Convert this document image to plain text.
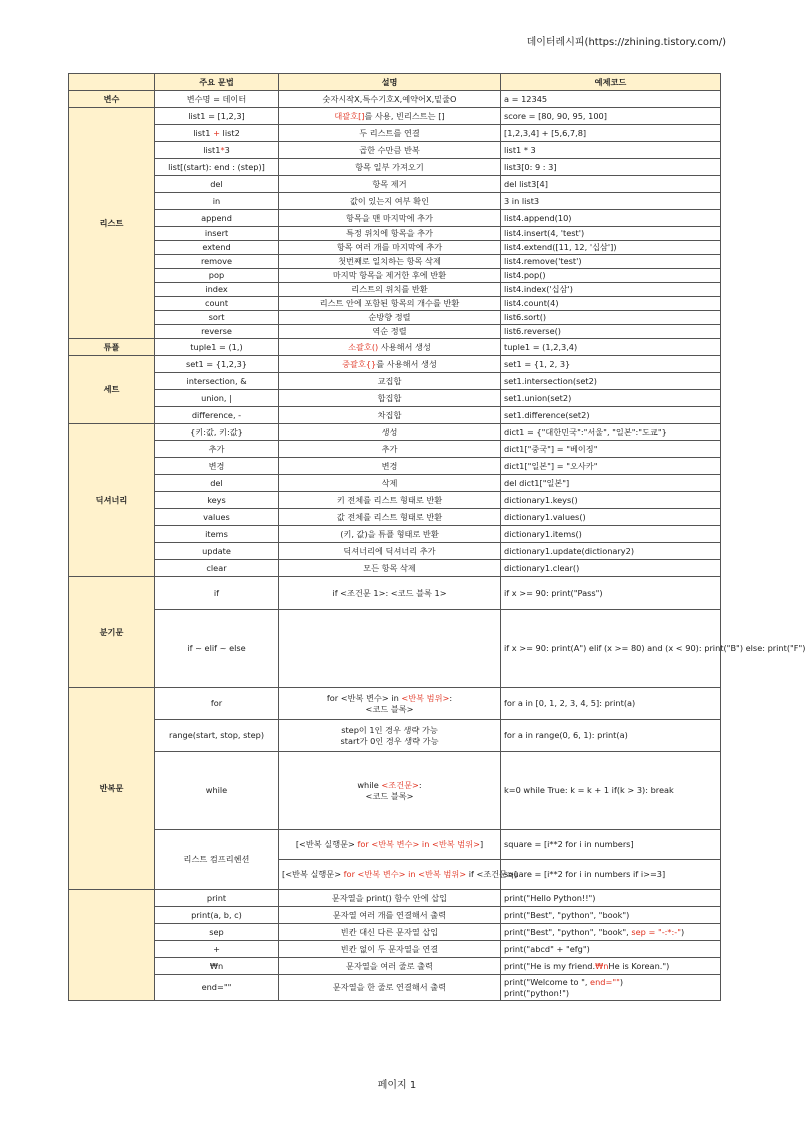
데이터레시피(https://zhining.tistory.com/)
	주요 문법	설명	예제코드
변수	변수명 = 데이터	숫자시작X,특수기호X,예약어X,밑줄O	a = 12345
리스트	list1 = [1,2,3]	대괄호[]를 사용, 빈리스트는 []	score = [80, 90, 95, 100]
	list1 + list2	두 리스트를 연결	[1,2,3,4] + [5,6,7,8]
	list1*3	곱한 수만큼 반복	list1 * 3
	list[(start): end : (step)]	항목 일부 가져오기	list3[0: 9 : 3]
	del	항목 제거	del list3[4]
	in	값이 있는지 여부 확인	3 in list3
	append	항목을 맨 마지막에 추가	list4.append(10)
	insert	특정 위치에 항목을 추가	list4.insert(4, 'test')
	extend	항목 여러 개를 마지막에 추가	list4.extend([11, 12, '십삼'])
	remove	첫번째로 일치하는 항목 삭제	list4.remove('test')
	pop	마지막 항목을 제거한 후에 반환	list4.pop()
	index	리스트의 위치를 반환	list4.index('십삼')
	count	리스트 안에 포함된 항목의 개수를 반환	list4.count(4)
	sort	순방향 정렬	list6.sort()
	reverse	역순 정렬	list6.reverse()
튜플	tuple1 = (1,)	소괄호() 사용해서 생성	tuple1 = (1,2,3,4)
세트	set1 = {1,2,3}	중괄호{}를 사용해서 생성	set1 = {1, 2, 3}
	intersection, &	교집합	set1.intersection(set2)
	union, |	합집합	set1.union(set2)
	difference, -	차집합	set1.difference(set2)
딕셔너리	{키:값, 키:값}	생성	dict1 = {"대한민국":"서울", "일본":"도쿄"}
	추가	추가	dict1["중국"] = "베이징"
	변경	변경	dict1["일본"] = "오사카"
	del	삭제	del dict1["일본"]
	keys	키 전체를 리스트 형태로 반환	dictionary1.keys()
	values	값 전체를 리스트 형태로 반환	dictionary1.values()
	items	(키, 값)을 튜플 형태로 반환	dictionary1.items()
	update	딕셔너리에 딕셔너리 추가	dictionary1.update(dictionary2)
	clear	모든 항목 삭제	dictionary1.clear()
분기문	if	if <조건문 1>: <코드 블록 1>	if x >= 90: print("Pass")
	if ~ elif ~ else		if x >= 90: print(A") elif (x >= 80) and (x < 90): print("B") else: print("F")
반복문	for	for <반복 변수> in <반복 범위>:
<코드 블록>	for a in [0, 1, 2, 3, 4, 5]: print(a)
	range(start, stop, step)	step이 1인 경우 생략 가능
start가 0인 경우 생략 가능	for a in range(0, 6, 1): print(a)
	while	while <조건문>:
<코드 블록>	k=0 while True: k = k + 1 if(k > 3): break
	리스트 컴프리헨션	[<반복 실행문> for <반복 변수> in <반복 범위>]	square = [i**2 for i in numbers]
		[<반복 실행문> for <반복 변수> in <반복 범위> if <조건문>]	square = [i**2 for i in numbers if i>=3]
	print	문자열을 print() 함수 안에 삽입	print("Hello Python!!")
	print(a, b, c)	문자열 여러 개를 연결해서 출력	print("Best", "python", "book")
	sep	빈칸 대신 다른 문자열 삽입	print("Best", "python", "book", sep = "-:*:-")
	+	빈칸 없이 두 문자열을 연결	print("abcd" + "efg")
	₩n	문자열을 여러 줄로 출력	print("He is my friend.₩nHe is Korean.")
	end=""	문자열을 한 줄로 연결해서 출력	print("Welcome to ", end="")
print("python!")
페이지 1
